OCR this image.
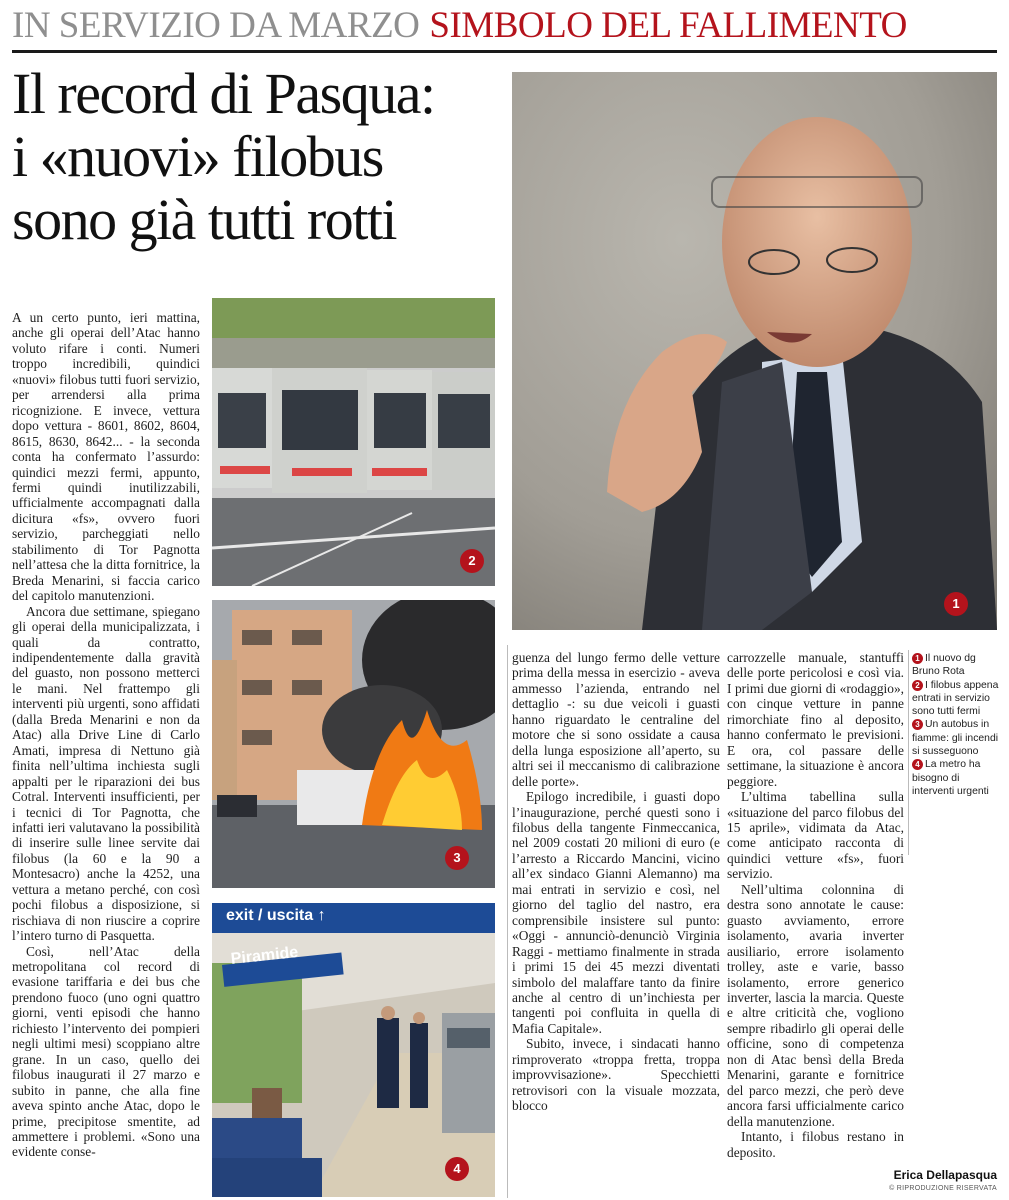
IN SERVIZIO DA MARZO SIMBOLO DEL FALLIMENTO
Il record di Pasqua:
i «nuovi» filobus
sono già tutti rotti

A un certo punto, ieri mattina, anche gli operai dell’Atac hanno voluto rifare i conti. Numeri troppo incredibili, quindici «nuovi» filobus tutti fuori servizio, per arrendersi alla prima ricognizione. E invece, vettura dopo vettura - 8601, 8602, 8604, 8615, 8630, 8642... - la seconda conta ha confermato l’assurdo: quindici mezzi fermi, appunto, fermi quindi inutilizzabili, ufficialmente accompagnati dalla dicitura «fs», ovvero fuori servizio, parcheggiati nello stabilimento di Tor Pagnotta nell’attesa che la ditta fornitrice, la Breda Menarini, si faccia carico del capitolo manutenzioni.

Ancora due settimane, spiegano gli operai della municipalizzata, i quali da contratto, indipendentemente dalla gravità del guasto, non possono metterci le mani. Nel frattempo gli interventi più urgenti, sono affidati (dalla Breda Menarini e non da Atac) alla Drive Line di Carlo Amati, impresa di Nettuno già finita nell’ultima inchiesta sugli appalti per le riparazioni dei bus Cotral. Interventi insufficienti, per i tecnici di Tor Pagnotta, che infatti ieri valutavano la possibilità di inserire sulle linee servite dai filobus (la 60 e la 90 a Montesacro) anche la 4252, una vettura a metano perché, con così pochi filobus a disposizione, si rischiava di non riuscire a coprire l’intero turno di Pasquetta.

Così, nell’Atac della metropolitana col record di evasione tariffaria e dei bus che prendono fuoco (uno ogni quattro giorni, venti episodi che hanno richiesto l’intervento dei pompieri negli ultimi mesi) scoppiano altre grane. In un caso, quello dei filobus inaugurati il 27 marzo e subito in panne, che alla fine aveva spinto anche Atac, dopo le prime, precipitose smentite, ad ammettere i problemi. «Sono una evidente conse-

1
2
3
exit / uscita ↑
Piramide
4

guenza del lungo fermo delle vetture prima della messa in esercizio - aveva ammesso l’azienda, entrando nel dettaglio -: su due veicoli i guasti hanno riguardato le centraline del motore che si sono ossidate a causa della lunga esposizione all’aperto, su altri sei il meccanismo di calibrazione delle porte».

Epilogo incredibile, i guasti dopo l’inaugurazione, perché questi sono i filobus della tangente Finmeccanica, nel 2009 costati 20 milioni di euro (e l’arresto a Riccardo Mancini, vicino all’ex sindaco Gianni Alemanno) ma mai entrati in servizio e così, nel giorno del taglio del nastro, era comprensibile insistere sul punto: «Oggi - annunciò-denunciò Virginia Raggi - mettiamo finalmente in strada i primi 15 dei 45 mezzi diventati simbolo del malaffare tanto da finire anche al centro di un’inchiesta per tangenti poi confluita in quella di Mafia Capitale».

Subito, invece, i sindacati hanno rimproverato «troppa fretta, troppa improvvisazione». Specchietti retrovisori con la visuale mozzata, blocco

carrozzelle manuale, stantuffi delle porte pericolosi e così via. I primi due giorni di «rodaggio», con cinque vetture in panne rimorchiate fino al deposito, hanno confermato le previsioni. E ora, col passare delle settimane, la situazione è ancora peggiore.

L’ultima tabellina sulla «situazione del parco filobus del 15 aprile», vidimata da Atac, come anticipato racconta di quindici vetture «fs», fuori servizio.

Nell’ultima colonnina di destra sono annotate le cause: guasto avviamento, errore isolamento, avaria inverter ausiliario, errore isolamento trolley, aste e varie, basso isolamento, errore generico inverter, lascia la marcia. Queste e altre criticità che, vogliono sempre ribadirlo gli operai delle officine, sono di competenza non di Atac bensì della Breda Menarini, garante e fornitrice del parco mezzi, che però deve ancora farsi ufficialmente carico della manutenzione.

Intanto, i filobus restano in deposito.

1 Il nuovo dg Bruno Rota
2 I filobus appena entrati in servizio sono tutti fermi
3 Un autobus in fiamme: gli incendi si susseguono
4 La metro ha bisogno di interventi urgenti
Erica Dellapasqua
© RIPRODUZIONE RISERVATA
